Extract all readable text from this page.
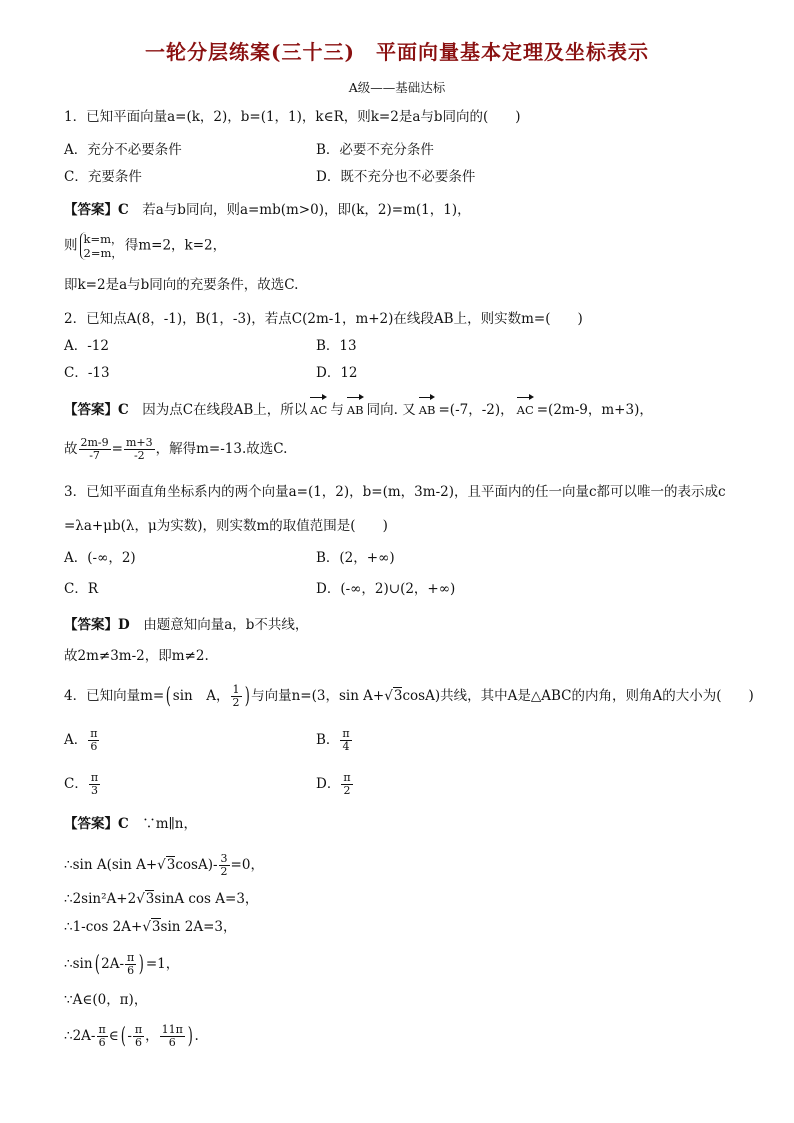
一轮分层练案(三十三)　平面向量基本定理及坐标表示
A级——基础达标
1．已知平面向量a=(k，2)，b=(1，1)，k∈R，则k=2是a与b同向的(　　)
A．充分不必要条件	B．必要不充分条件
C．充要条件	D．既不充分也不必要条件
【答案】C　若a与b同向，则a=mb(m>0)，即(k，2)=m(1，1)，
则 k=m，
2=m， 得m=2，k=2，
即k=2是a与b同向的充要条件，故选C.
2．已知点A(8，-1)，B(1，-3)，若点C(2m-1，m+2)在线段AB上，则实数m=(　　)
A．-12	B．13
C．-13	D．12
【答案】C　因为点C在线段AB上，所以 AC 与 AB 同向. 又 AB =(-7，-2)， AC =(2m-9，m+3)，
故 $\frac{2m-9}{-7} = \frac{m+3}{-2}$ ，解得m=-13.故选C.
3．已知平面直角坐标系内的两个向量a=(1，2)，b=(m，3m-2)，且平面内的任一向量c都可以唯一的表示成c
=λa+μb(λ，μ为实数)，则实数m的取值范围是(　　)
A．(-∞，2)	B．(2，+∞)
C．R	D．(-∞，2)∪(2，+∞)
【答案】D　由题意知向量a，b不共线，
故2m≠3m-2，即m≠2.
4．已知向量m=( sin　A， $\frac{1}{2}$ ) 与向量n=(3，sin A+√3cosA)共线，其中A是△ABC的内角，则角A的大小为(　　)
A． $\frac{\pi}{6}$	B． $\frac{\pi}{4}$
C． $\frac{\pi}{3}$	D． $\frac{\pi}{2}$
【答案】C　∵m∥n，
∴sin A(sin $A+√3\cos A)- \frac{3}{2} =0$，
∴2sin²A+2√3sinA cos A=3，
∴1-cos 2A+√3sin 2A=3，
∴sin( $2A- \frac{\pi}{6}$ ) =1，
∵A∈(0，π)，
∴2A- $\frac{\pi}{6}$ ∈( - $\frac{\pi}{6}$ ， $\frac{11\pi}{6}$ ) .
